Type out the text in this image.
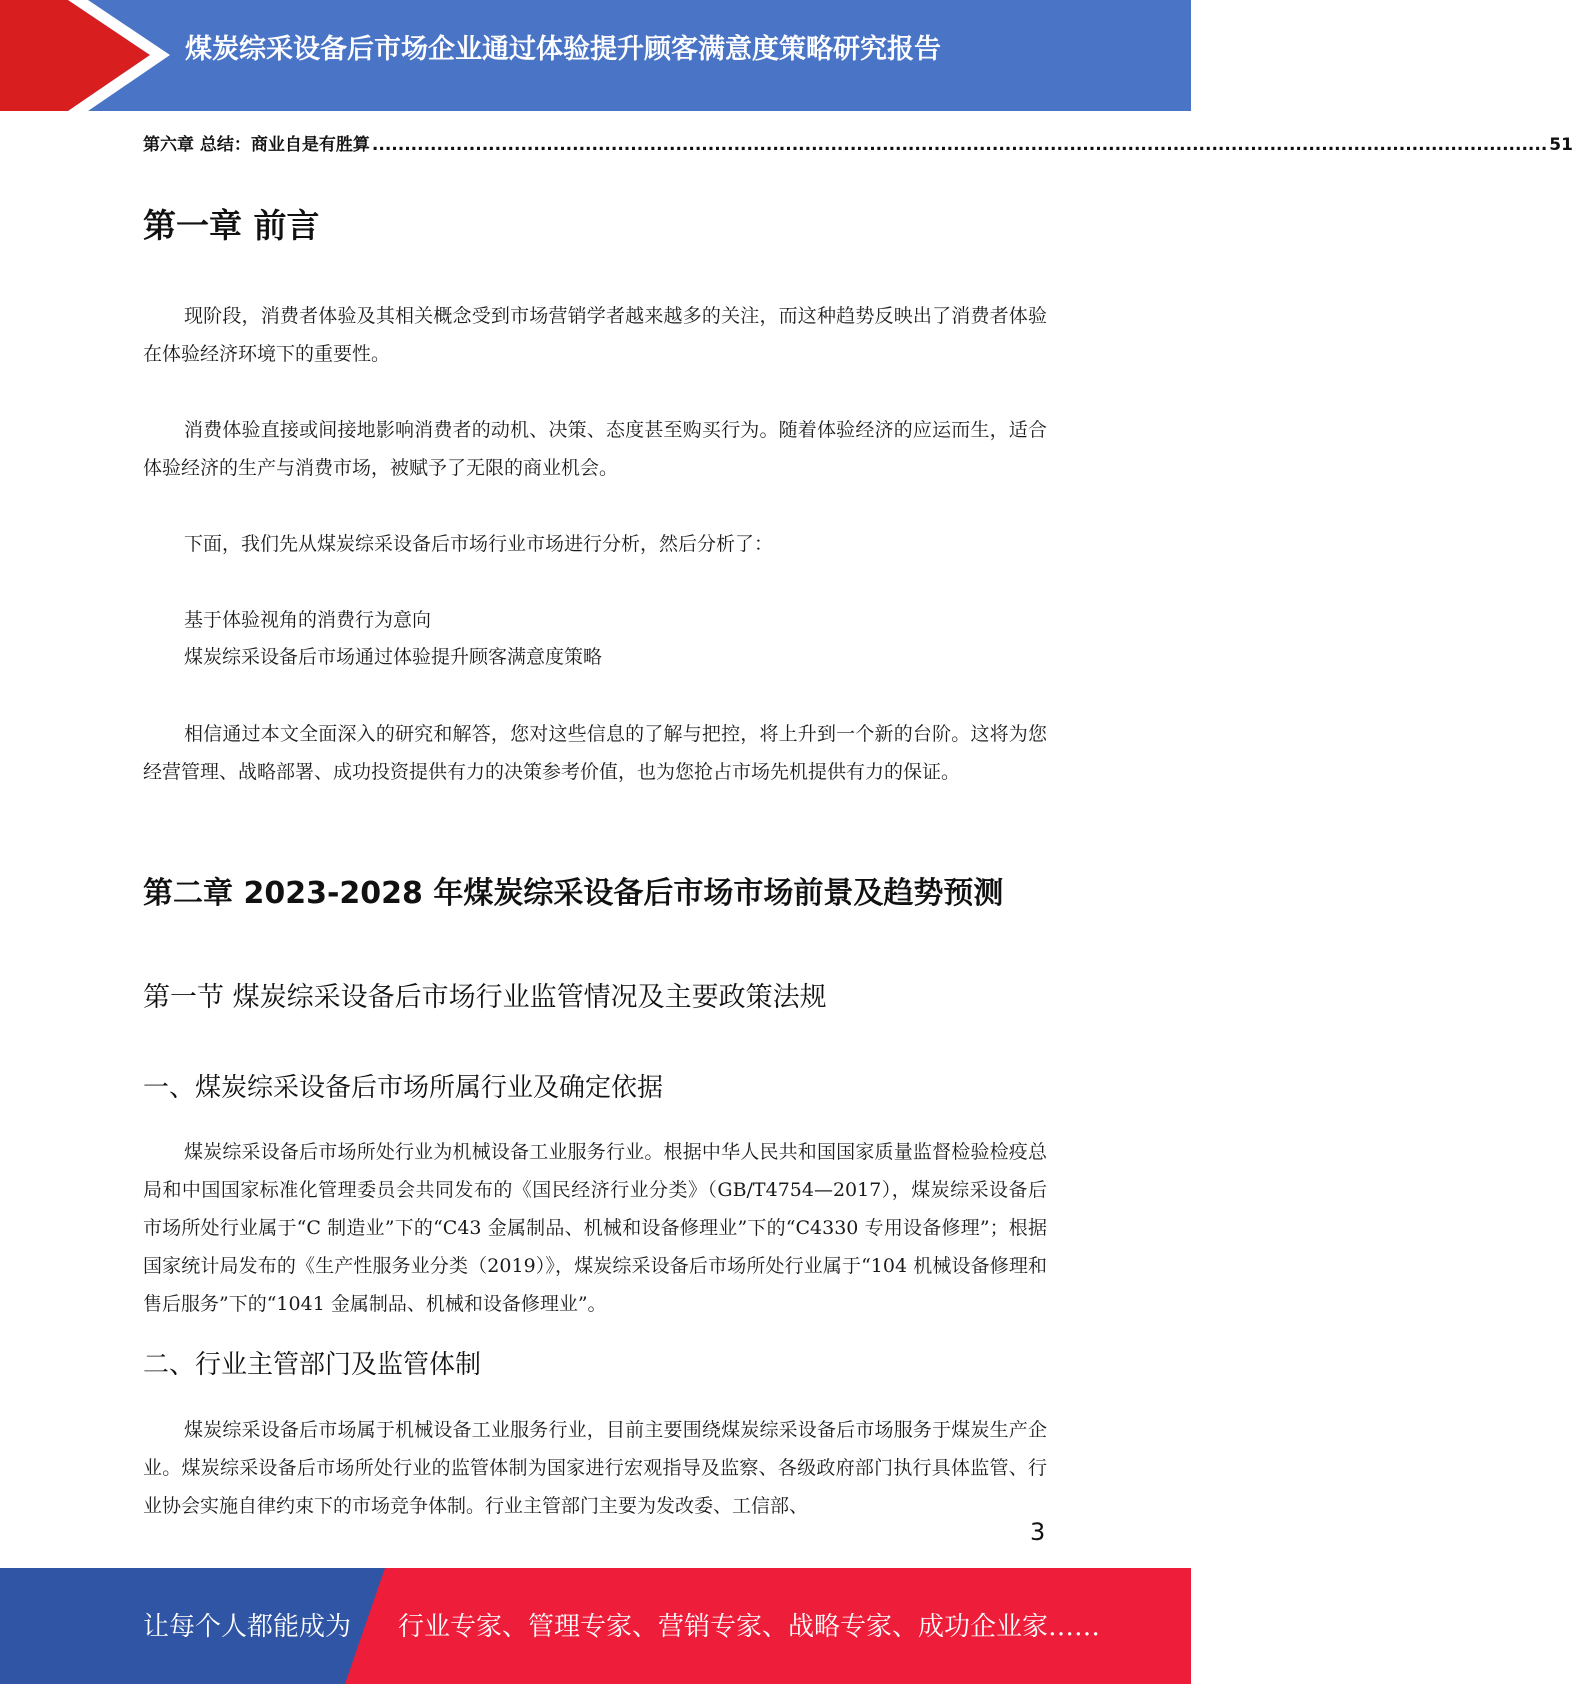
煤炭综采设备后市场企业通过体验提升顾客满意度策略研究报告
第六章 总结：商业自是有胜算 ...................................................................................................................................................................................... 51
第一章 前言
现阶段，消费者体验及其相关概念受到市场营销学者越来越多的关注，而这种趋势反映出了消费者体验在体验经济环境下的重要性。
消费体验直接或间接地影响消费者的动机、决策、态度甚至购买行为。随着体验经济的应运而生，适合体验经济的生产与消费市场，被赋予了无限的商业机会。
下面，我们先从煤炭综采设备后市场行业市场进行分析，然后分析了：
基于体验视角的消费行为意向
煤炭综采设备后市场通过体验提升顾客满意度策略
相信通过本文全面深入的研究和解答，您对这些信息的了解与把控，将上升到一个新的台阶。这将为您经营管理、战略部署、成功投资提供有力的决策参考价值，也为您抢占市场先机提供有力的保证。
第二章 2023-2028 年煤炭综采设备后市场市场前景及趋势预测
第一节 煤炭综采设备后市场行业监管情况及主要政策法规
一、煤炭综采设备后市场所属行业及确定依据
煤炭综采设备后市场所处行业为机械设备工业服务行业。根据中华人民共和国国家质量监督检验检疫总局和中国国家标准化管理委员会共同发布的《国民经济行业分类》（GB/T4754—2017），煤炭综采设备后市场所处行业属于“C 制造业”下的“C43 金属制品、机械和设备修理业”下的“C4330 专用设备修理”；根据国家统计局发布的《生产性服务业分类（2019）》，煤炭综采设备后市场所处行业属于“104 机械设备修理和售后服务”下的“1041 金属制品、机械和设备修理业”。
二、行业主管部门及监管体制
煤炭综采设备后市场属于机械设备工业服务行业，目前主要围绕煤炭综采设备后市场服务于煤炭生产企业。煤炭综采设备后市场所处行业的监管体制为国家进行宏观指导及监察、各级政府部门执行具体监管、行业协会实施自律约束下的市场竞争体制。行业主管部门主要为发改委、工信部、
3
让每个人都能成为 行业专家、管理专家、营销专家、战略专家、成功企业家……
